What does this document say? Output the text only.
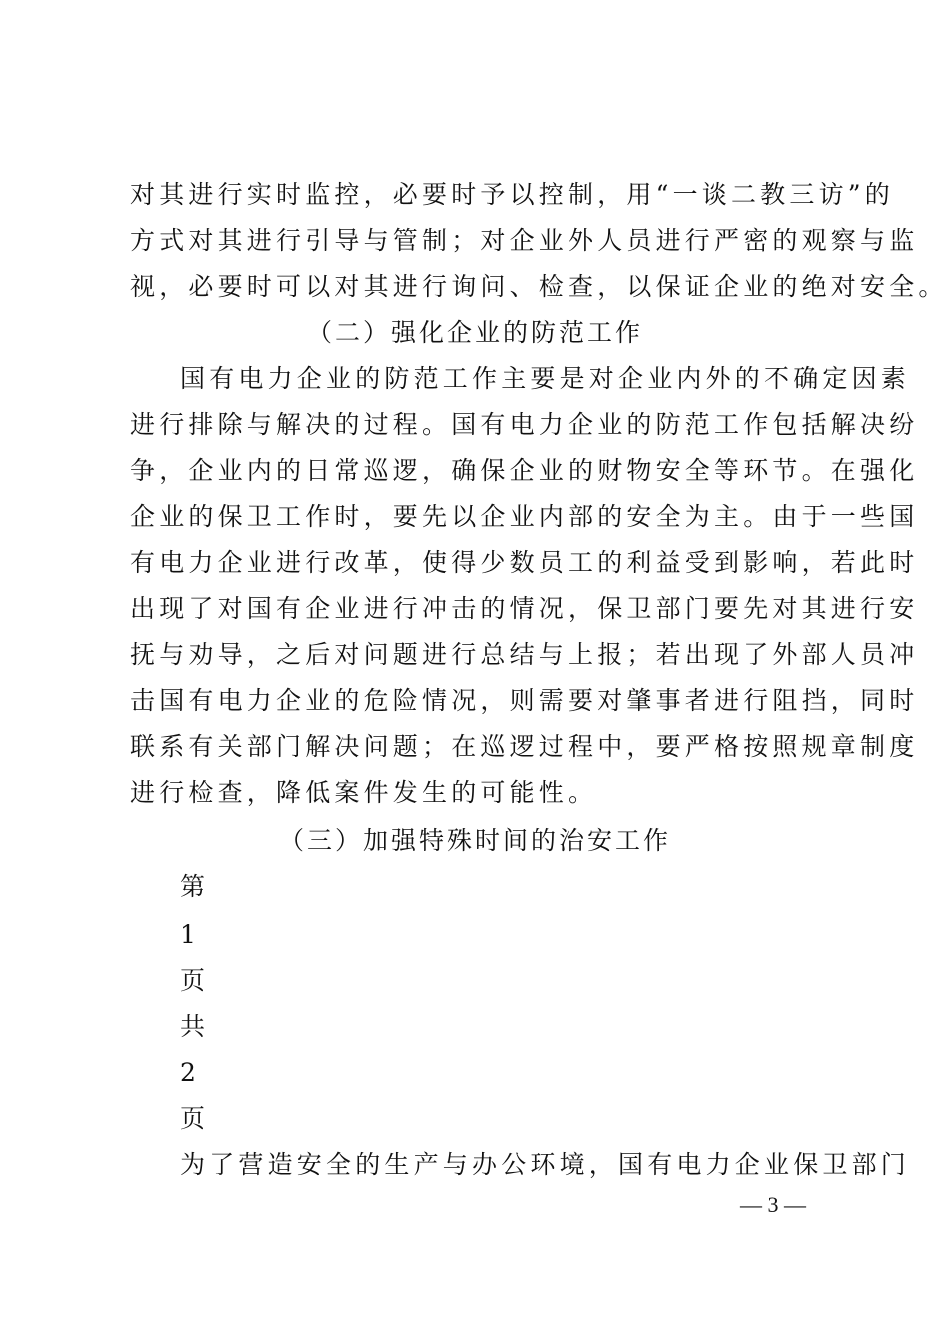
对其进行实时监控，必要时予以控制，用“一谈二教三访”的
方式对其进行引导与管制；对企业外人员进行严密的观察与监
视，必要时可以对其进行询问、检查，以保证企业的绝对安全。
（二）强化企业的防范工作
国有电力企业的防范工作主要是对企业内外的不确定因素
进行排除与解决的过程。国有电力企业的防范工作包括解决纷
争，企业内的日常巡逻，确保企业的财物安全等环节。在强化
企业的保卫工作时，要先以企业内部的安全为主。由于一些国
有电力企业进行改革，使得少数员工的利益受到影响，若此时
出现了对国有企业进行冲击的情况，保卫部门要先对其进行安
抚与劝导，之后对问题进行总结与上报；若出现了外部人员冲
击国有电力企业的危险情况，则需要对肇事者进行阻挡，同时
联系有关部门解决问题；在巡逻过程中，要严格按照规章制度
进行检查，降低案件发生的可能性。
（三）加强特殊时间的治安工作
第
1
页
共
2
页
为了营造安全的生产与办公环境，国有电力企业保卫部门
— 3 —
